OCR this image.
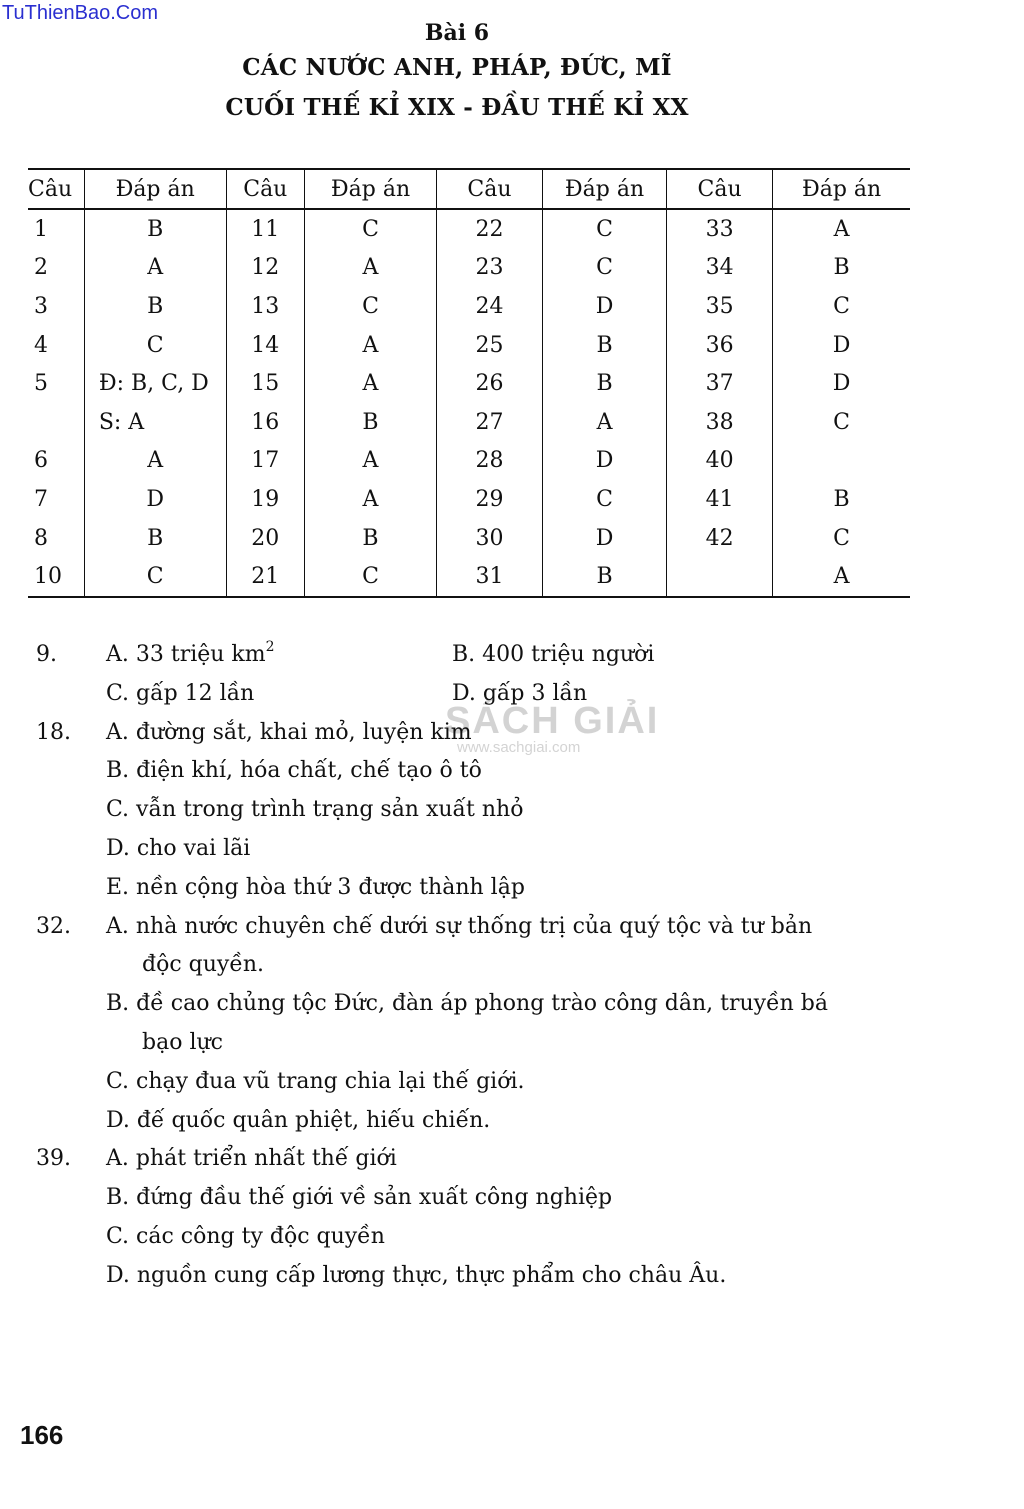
TuThienBao.Com
Bài 6
CÁC NƯỚC ANH, PHÁP, ĐỨC, MĨ
CUỐI THẾ KỈ XIX - ĐẦU THẾ KỈ XX
Câu	Đáp án	Câu	Đáp án	Câu	Đáp án	Câu	Đáp án
1	B	11	C	22	C	33	A
2	A	12	A	23	C	34	B
3	B	13	C	24	D	35	C
4	C	14	A	25	B	36	D
5	Đ: B, C, D	15	A	26	B	37	D
	S: A	16	B	27	A	38	C
6	A	17	A	28	D	40	
7	D	19	A	29	C	41	B
8	B	20	B	30	D	42	C
10	C	21	C	31	B		A
SÁCH GIẢI
www.sachgiai.com
9. A. 33 triệu $km^2$	B. 400 triệu người
C. gấp 12 lần	D. gấp 3 lần
18. A. đường sắt, khai mỏ, luyện kim
B. điện khí, hóa chất, chế tạo ô tô
C. vẫn trong trình trạng sản xuất nhỏ
D. cho vai lãi
E. nền cộng hòa thứ 3 được thành lập
32. A. nhà nước chuyên chế dưới sự thống trị của quý tộc và tư bản
độc quyền.
B. đề cao chủng tộc Đức, đàn áp phong trào công dân, truyền bá
bạo lực
C. chạy đua vũ trang chia lại thế giới.
D. đế quốc quân phiệt, hiếu chiến.
39. A. phát triển nhất thế giới
B. đứng đầu thế giới về sản xuất công nghiệp
C. các công ty độc quyền
D. nguồn cung cấp lương thực, thực phẩm cho châu Âu.
166
